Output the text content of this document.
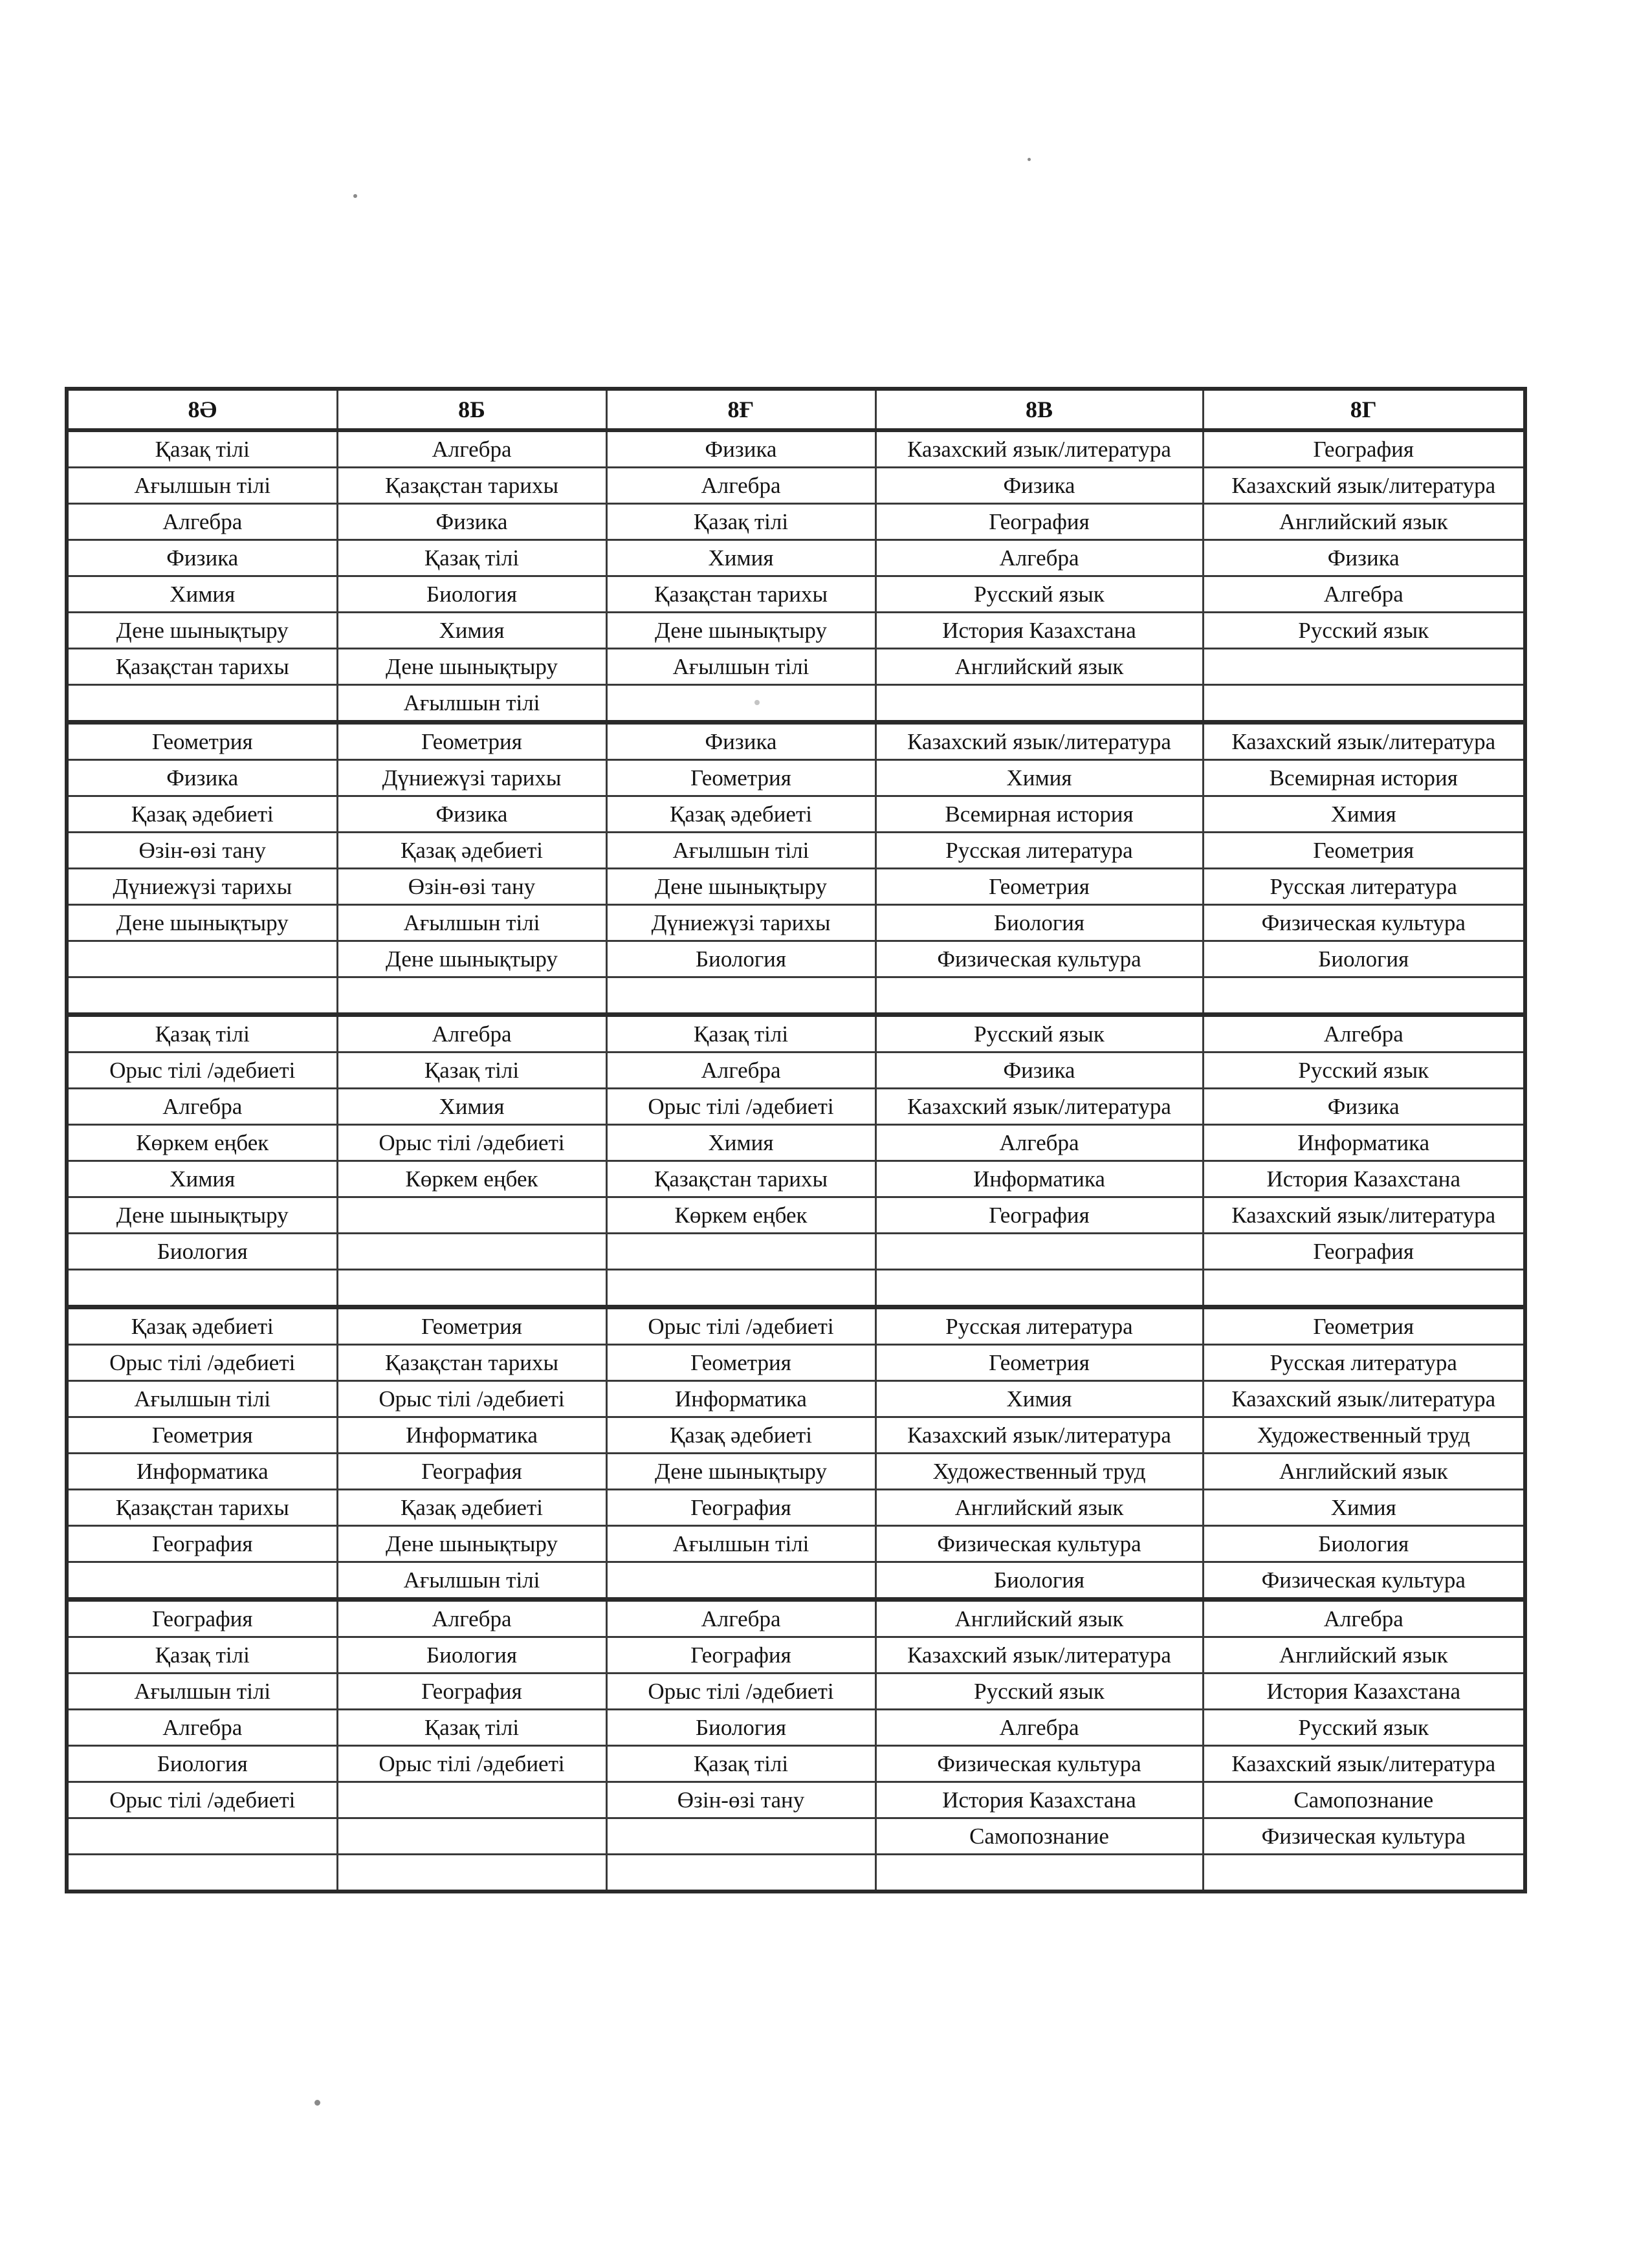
8Ә	8Б	8Ғ	8В	8Г
Қазақ тілі	Алгебра	Физика	Казахский язык/литература	География
Ағылшын тілі	Қазақстан тарихы	Алгебра	Физика	Казахский язык/литература
Алгебра	Физика	Қазақ тілі	География	Английский язык
Физика	Қазақ тілі	Химия	Алгебра	Физика
Химия	Биология	Қазақстан тарихы	Русский язык	Алгебра
Дене шынықтыру	Химия	Дене шынықтыру	История Казахстана	Русский язык
Қазақстан тарихы	Дене шынықтыру	Ағылшын тілі	Английский язык	
	Ағылшын тілі			
Геометрия	Геометрия	Физика	Казахский язык/литература	Казахский язык/литература
Физика	Дүниежүзі тарихы	Геометрия	Химия	Всемирная история
Қазақ әдебиеті	Физика	Қазақ әдебиеті	Всемирная история	Химия
Өзін-өзі тану	Қазақ әдебиеті	Ағылшын тілі	Русская литература	Геометрия
Дүниежүзі тарихы	Өзін-өзі тану	Дене шынықтыру	Геометрия	Русская литература
Дене шынықтыру	Ағылшын тілі	Дүниежүзі тарихы	Биология	Физическая культура
	Дене шынықтыру	Биология	Физическая культура	Биология

Қазақ тілі	Алгебра	Қазақ тілі	Русский язык	Алгебра
Орыс тілі /әдебиеті	Қазақ тілі	Алгебра	Физика	Русский язык
Алгебра	Химия	Орыс тілі /әдебиеті	Казахский язык/литература	Физика
Көркем еңбек	Орыс тілі /әдебиеті	Химия	Алгебра	Информатика
Химия	Көркем еңбек	Қазақстан тарихы	Информатика	История Казахстана
Дене шынықтыру		Көркем еңбек	География	Казахский язык/литература
Биология				География

Қазақ әдебиеті	Геометрия	Орыс тілі /әдебиеті	Русская литература	Геометрия
Орыс тілі /әдебиеті	Қазақстан тарихы	Геометрия	Геометрия	Русская литература
Ағылшын тілі	Орыс тілі /әдебиеті	Информатика	Химия	Казахский язык/литература
Геометрия	Информатика	Қазақ әдебиеті	Казахский язык/литература	Художественный труд
Информатика	География	Дене шынықтыру	Художественный труд	Английский язык
Қазақстан тарихы	Қазақ әдебиеті	География	Английский язык	Химия
География	Дене шынықтыру	Ағылшын тілі	Физическая культура	Биология
	Ағылшын тілі		Биология	Физическая культура
География	Алгебра	Алгебра	Английский язык	Алгебра
Қазақ тілі	Биология	География	Казахский язык/литература	Английский язык
Ағылшын тілі	География	Орыс тілі /әдебиеті	Русский язык	История Казахстана
Алгебра	Қазақ тілі	Биология	Алгебра	Русский язык
Биология	Орыс тілі /әдебиеті	Қазақ тілі	Физическая культура	Казахский язык/литература
Орыс тілі /әдебиеті		Өзін-өзі тану	История Казахстана	Самопознание
			Самопознание	Физическая культура
